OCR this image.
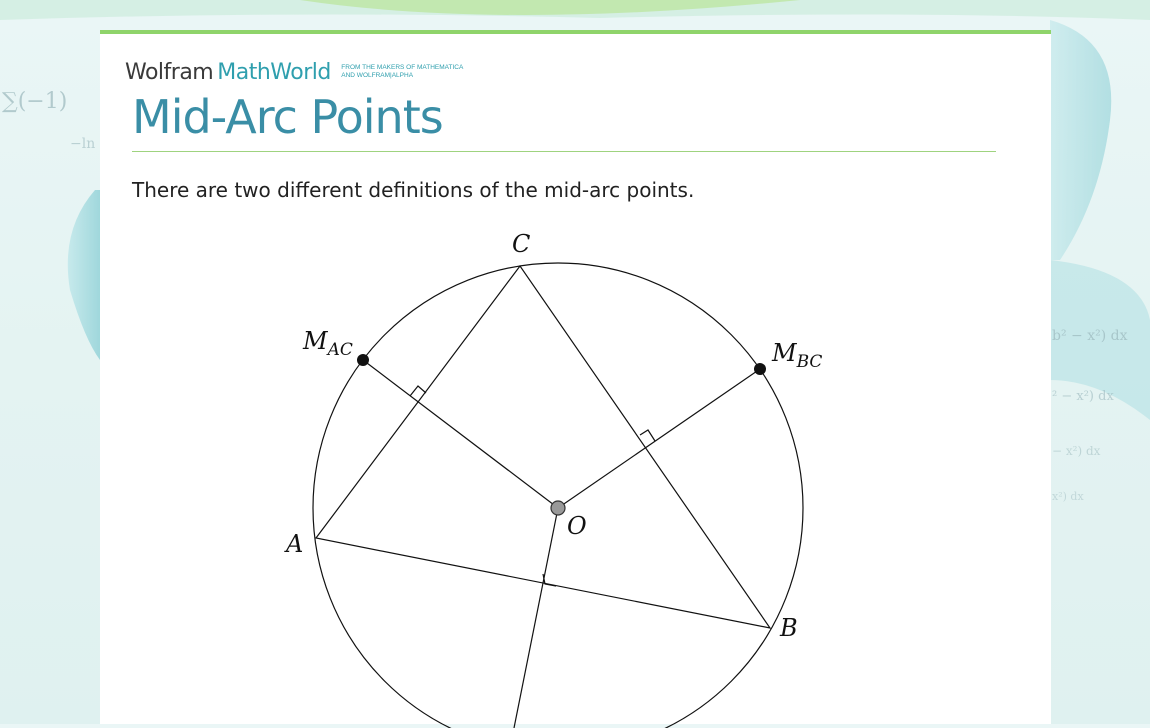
∑(−1)
−ln
b² − x²) dx
² − x²) dx
− x²) dx
x²) dx
Wolfram MathWorld FROM THE MAKERS OF MATHEMATICA
AND WOLFRAM|ALPHA
Mid-Arc Points

There are two different definitions of the mid-arc points.

C
A
B
O
$M_{AC}$	$M_{BC}$
